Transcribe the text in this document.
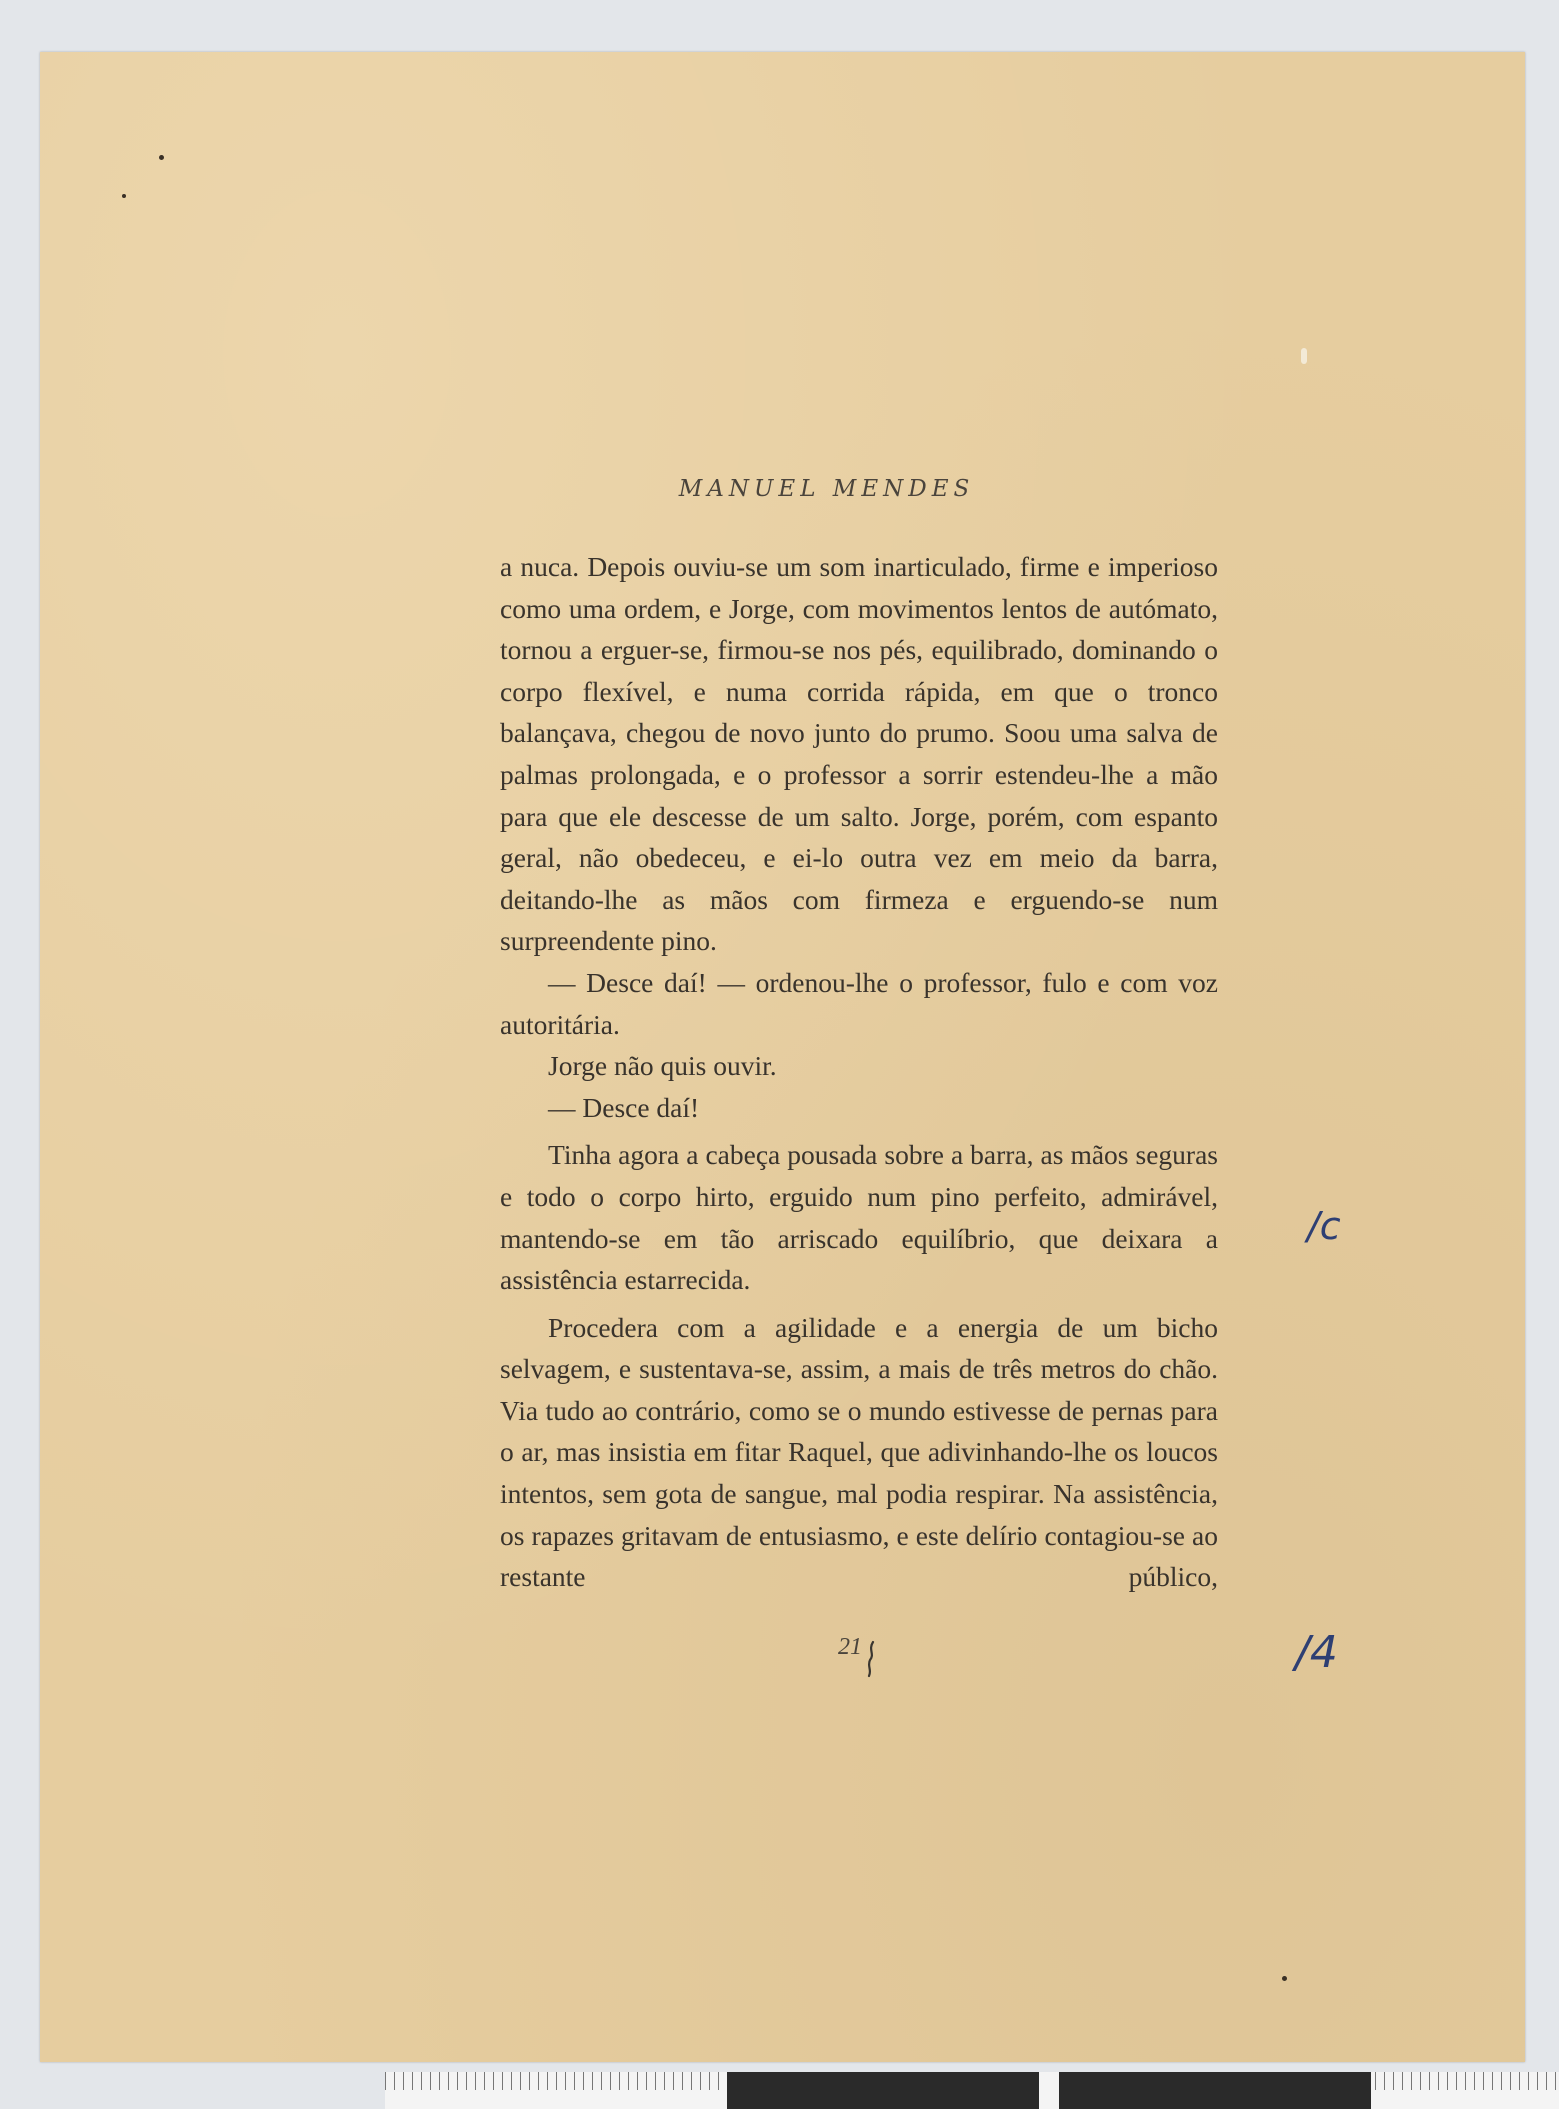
MANUEL MENDES

a nuca. Depois ouviu-se um som inarticulado, firme e imperioso como uma ordem, e Jorge, com movimentos lentos de autómato, tornou a erguer-se, firmou-se nos pés, equilibrado, dominando o corpo flexível, e numa corrida rápida, em que o tronco balançava, chegou de novo junto do prumo. Soou uma salva de palmas prolongada, e o professor a sorrir estendeu-lhe a mão para que ele descesse de um salto. Jorge, porém, com espanto geral, não obedeceu, e ei-lo outra vez em meio da barra, deitando-lhe as mãos com firmeza e erguendo-se num surpreendente pino.

— Desce daí! — ordenou-lhe o professor, fulo e com voz autoritária.

Jorge não quis ouvir.

— Desce daí!

Tinha agora a cabeça pousada sobre a barra, as mãos seguras e todo o corpo hirto, erguido num pino perfeito, admirável, mantendo-se em tão arriscado equilíbrio, que deixara a assistência estarrecida.

Procedera com a agilidade e a energia de um bicho selvagem, e sustentava-se, assim, a mais de três metros do chão. Via tudo ao contrário, como se o mundo estivesse de pernas para o ar, mas insistia em fitar Raquel, que adivinhando-lhe os loucos intentos, sem gota de sangue, mal podia respirar. Na assistência, os rapazes gritavam de entusiasmo, e este delírio contagiou-se ao restante público,

21
/c
/4
